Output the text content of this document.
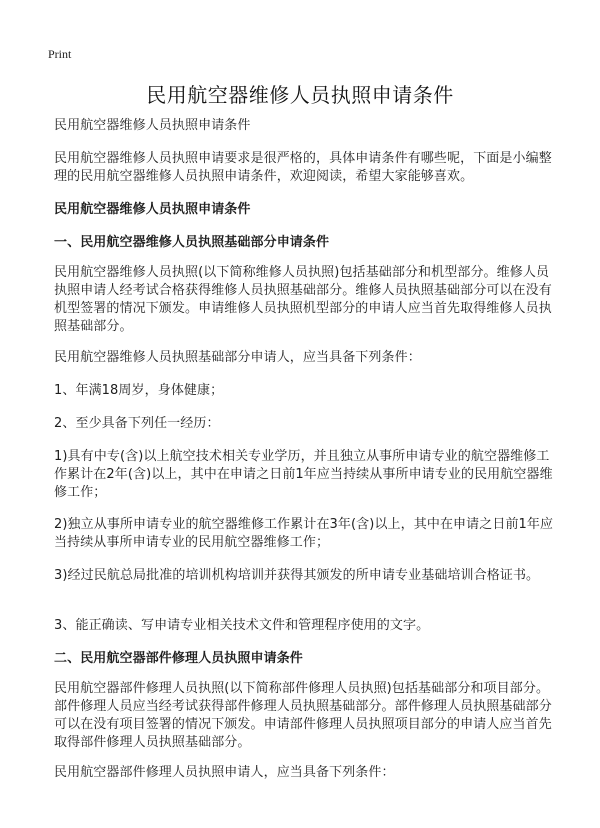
Print
民用航空器维修人员执照申请条件

民用航空器维修人员执照申请条件

民用航空器维修人员执照申请要求是很严格的，具体申请条件有哪些呢，下面是小编整理的民用航空器维修人员执照申请条件，欢迎阅读，希望大家能够喜欢。

民用航空器维修人员执照申请条件

一、民用航空器维修人员执照基础部分申请条件

民用航空器维修人员执照(以下简称维修人员执照)包括基础部分和机型部分。维修人员执照申请人经考试合格获得维修人员执照基础部分。维修人员执照基础部分可以在没有机型签署的情况下颁发。申请维修人员执照机型部分的申请人应当首先取得维修人员执照基础部分。

民用航空器维修人员执照基础部分申请人，应当具备下列条件：

1、年满18周岁，身体健康；

2、至少具备下列任一经历：

1)具有中专(含)以上航空技术相关专业学历，并且独立从事所申请专业的航空器维修工作累计在2年(含)以上，其中在申请之日前1年应当持续从事所申请专业的民用航空器维修工作；

2)独立从事所申请专业的航空器维修工作累计在3年(含)以上，其中在申请之日前1年应当持续从事所申请专业的民用航空器维修工作；

3)经过民航总局批准的培训机构培训并获得其颁发的所申请专业基础培训合格证书。

3、能正确读、写申请专业相关技术文件和管理程序使用的文字。

二、民用航空器部件修理人员执照申请条件

民用航空器部件修理人员执照(以下简称部件修理人员执照)包括基础部分和项目部分。部件修理人员应当经考试获得部件修理人员执照基础部分。部件修理人员执照基础部分可以在没有项目签署的情况下颁发。申请部件修理人员执照项目部分的申请人应当首先取得部件修理人员执照基础部分。

民用航空器部件修理人员执照申请人，应当具备下列条件：
